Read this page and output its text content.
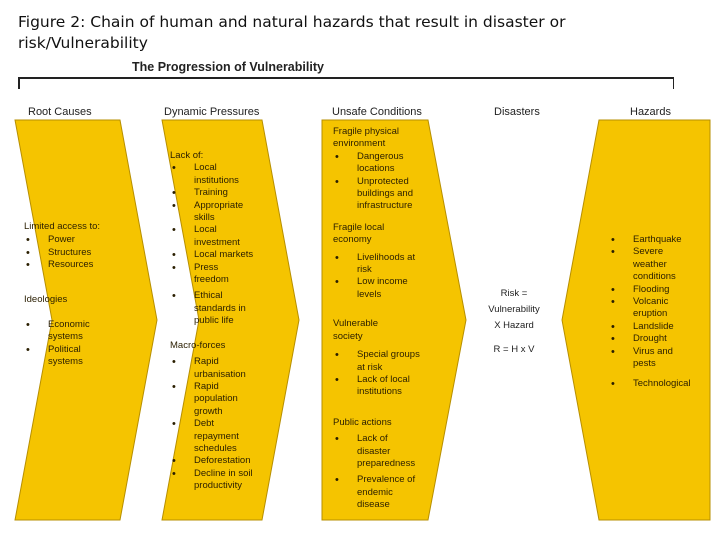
Figure 2: Chain of human and natural hazards that result in disaster or risk/Vulnerability
The Progression of Vulnerability
Root Causes	Dynamic Pressures	Unsafe Conditions	Disasters	Hazards
Limited access to:
• Power
• Structures
• Resources
Ideologies
• Economic systems
• Political systems
Lack of:
• Local institutions
• Training
• Appropriate skills
• Local investment
• Local markets
• Press freedom
• Ethical standards in public life
Macro-forces
• Rapid urbanisation
• Rapid population growth
• Debt repayment schedules
• Deforestation
• Decline in soil productivity
Fragile physical environment
• Dangerous locations
• Unprotected buildings and infrastructure
Fragile local economy
• Livelihoods at risk
• Low income levels
Vulnerable society
• Special groups at risk
• Lack of local institutions
Public actions
• Lack of disaster preparedness
• Prevalence of endemic disease
Risk =
Vulnerability
X Hazard
R = H x V
• Earthquake
• Severe weather conditions
• Flooding
• Volcanic eruption
• Landslide
• Drought
• Virus and pests
• Technological
